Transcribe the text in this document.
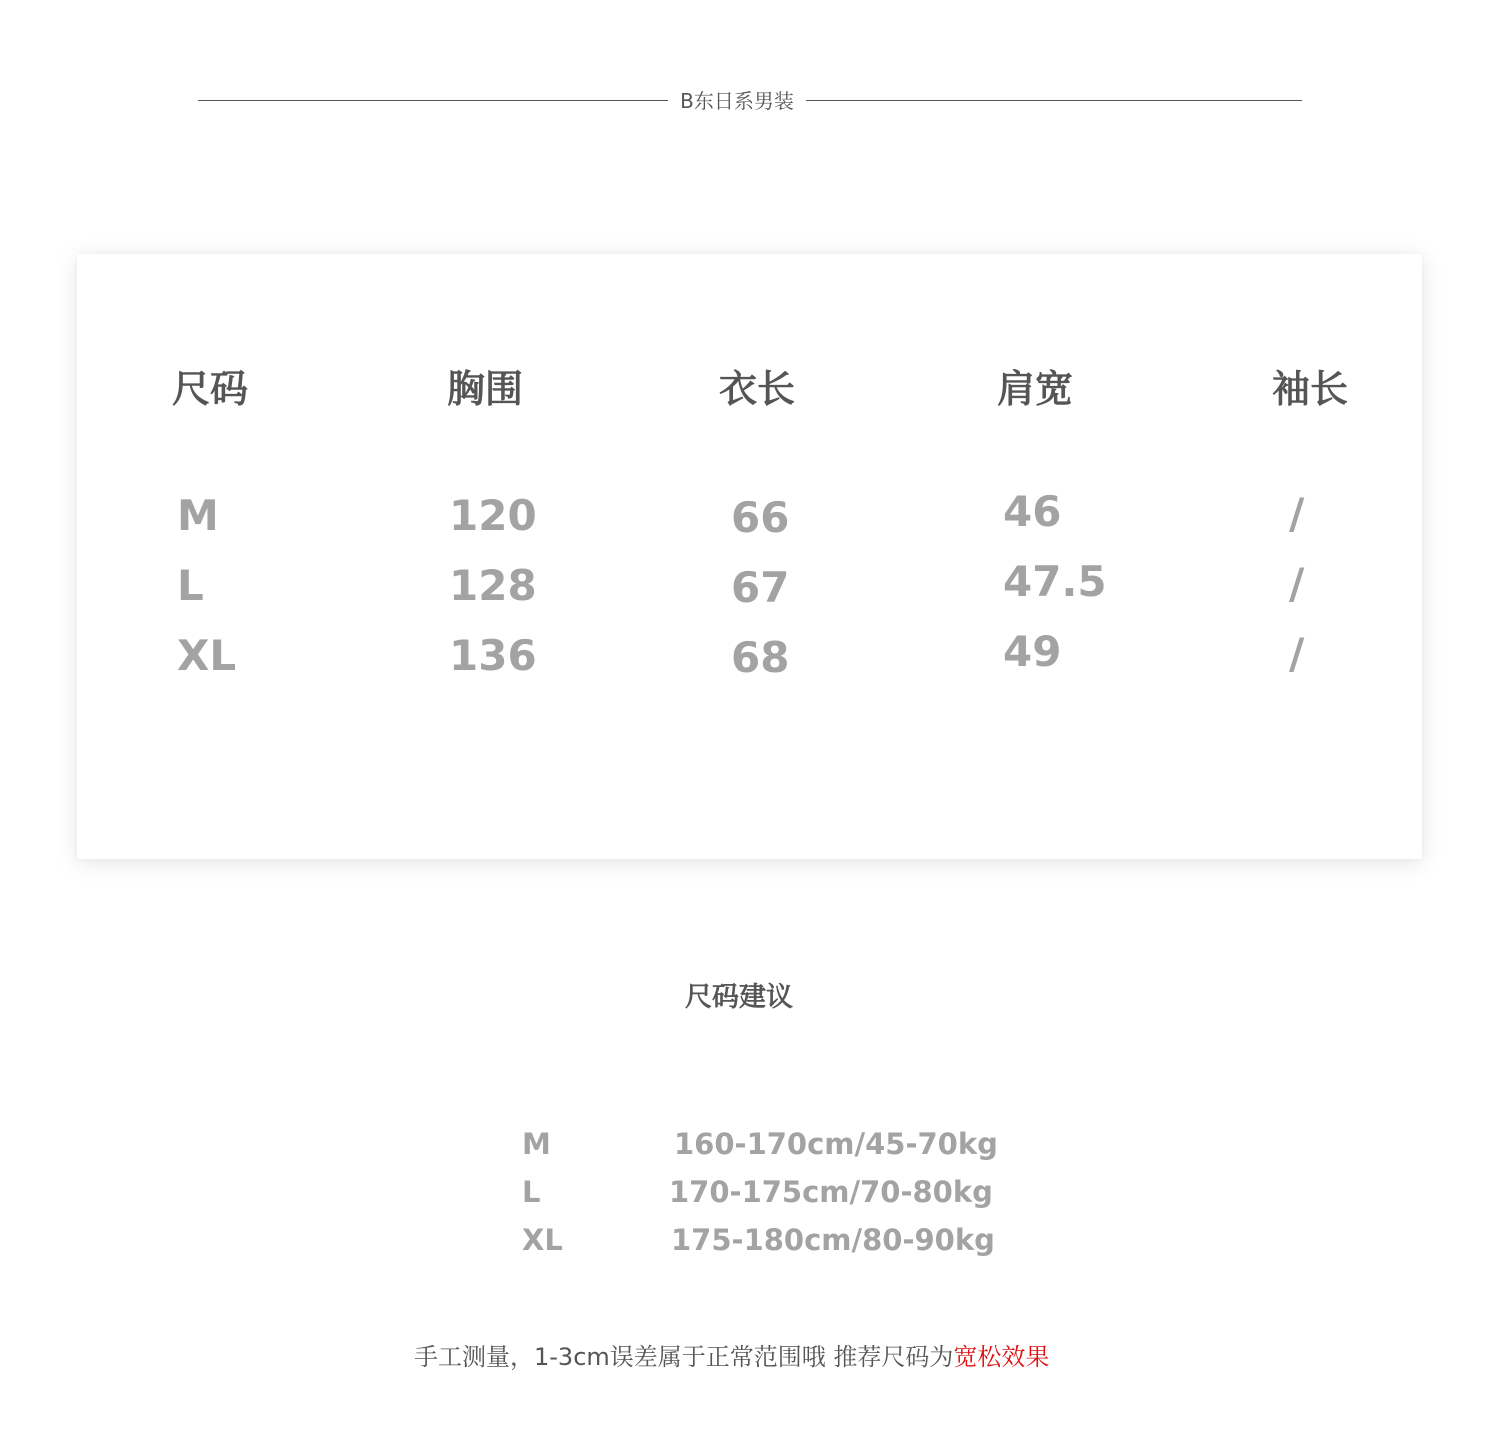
B东日系男装
尺码	胸围	衣长	肩宽	袖长
M	120	66	46	/
L	128	67	47.5	/
XL	136	68	49	/
尺码建议
M	160-170cm/45-70kg
L	170-175cm/70-80kg
XL	175-180cm/80-90kg
手工测量，1-3cm误差属于正常范围哦 推荐尺码为宽松效果
